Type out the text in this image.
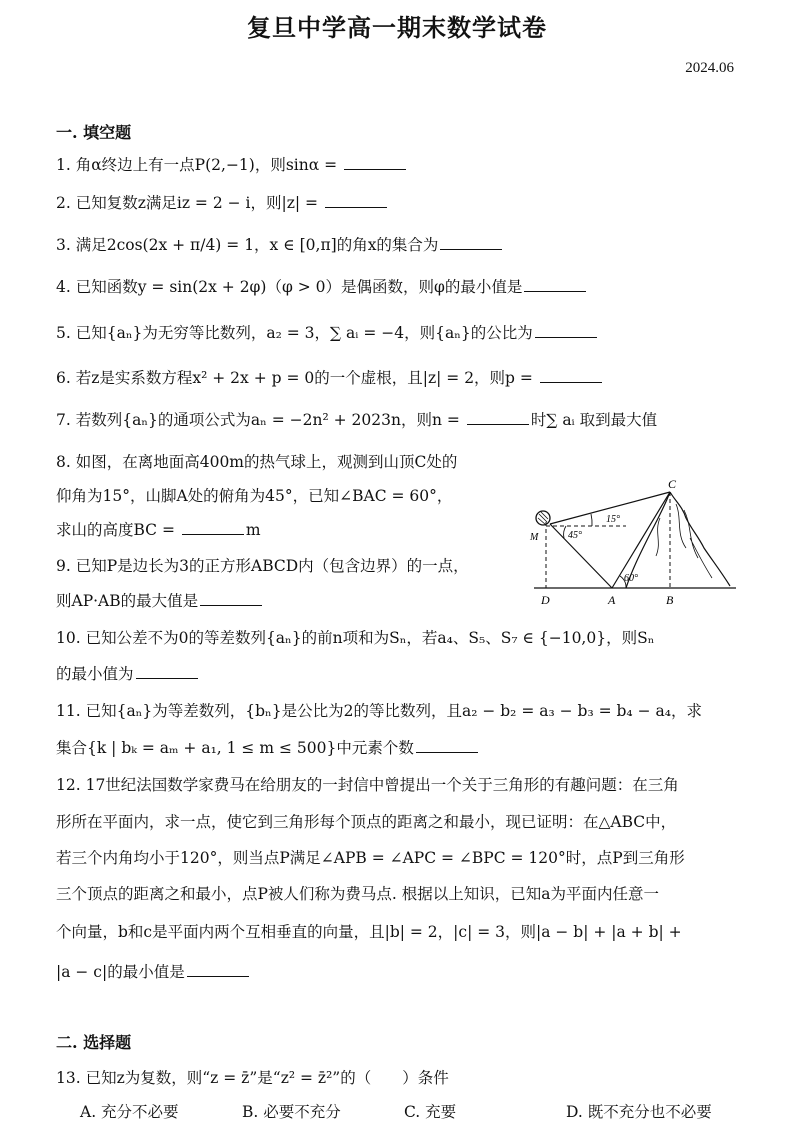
复旦中学高一期末数学试卷
2024.06
一. 填空题
1. 角α终边上有一点P(2,−1)，则sinα =
2. 已知复数z满足iz = 2 − i，则|z| =
3. 满足2cos(2x + π/4) = 1，x ∈ [0,π]的角x的集合为
4. 已知函数y = sin(2x + 2φ)（φ > 0）是偶函数，则φ的最小值是
5. 已知{aₙ}为无穷等比数列，a₂ = 3，∑ aᵢ = −4，则{aₙ}的公比为
6. 若z是实系数方程x² + 2x + p = 0的一个虚根，且|z| = 2，则p =
7. 若数列{aₙ}的通项公式为aₙ = −2n² + 2023n，则n =	时∑ aᵢ 取到最大值
8. 如图，在离地面高400m的热气球上，观测到山顶C处的
仰角为15°，山脚A处的俯角为45°，已知∠BAC = 60°，
求山的高度BC =	m
9. 已知P是边长为3的正方形ABCD内（包含边界）的一点，
则AP·AB的最大值是
10. 已知公差不为0的等差数列{aₙ}的前n项和为Sₙ，若a₄、S₅、S₇ ∈ {−10,0}，则Sₙ
的最小值为
11. 已知{aₙ}为等差数列，{bₙ}是公比为2的等比数列，且a₂ − b₂ = a₃ − b₃ = b₄ − a₄，求
集合{k | bₖ = aₘ + a₁, 1 ≤ m ≤ 500}中元素个数
12. 17世纪法国数学家费马在给朋友的一封信中曾提出一个关于三角形的有趣问题：在三角
形所在平面内，求一点，使它到三角形每个顶点的距离之和最小，现已证明：在△ABC中，
若三个内角均小于120°，则当点P满足∠APB = ∠APC = ∠BPC = 120°时，点P到三角形
三个顶点的距离之和最小，点P被人们称为费马点. 根据以上知识，已知a为平面内任意一
个向量，b和c是平面内两个互相垂直的向量，且|b| = 2，|c| = 3，则|a − b| + |a + b| +
|a − c|的最小值是
二. 选择题
13. 已知z为复数，则“z = z̄”是“z² = z̄²”的（　　）条件
A. 充分不必要	B. 必要不充分	C. 充要	D. 既不充分也不必要
C
M
D	A	B
15°
45°
60°
